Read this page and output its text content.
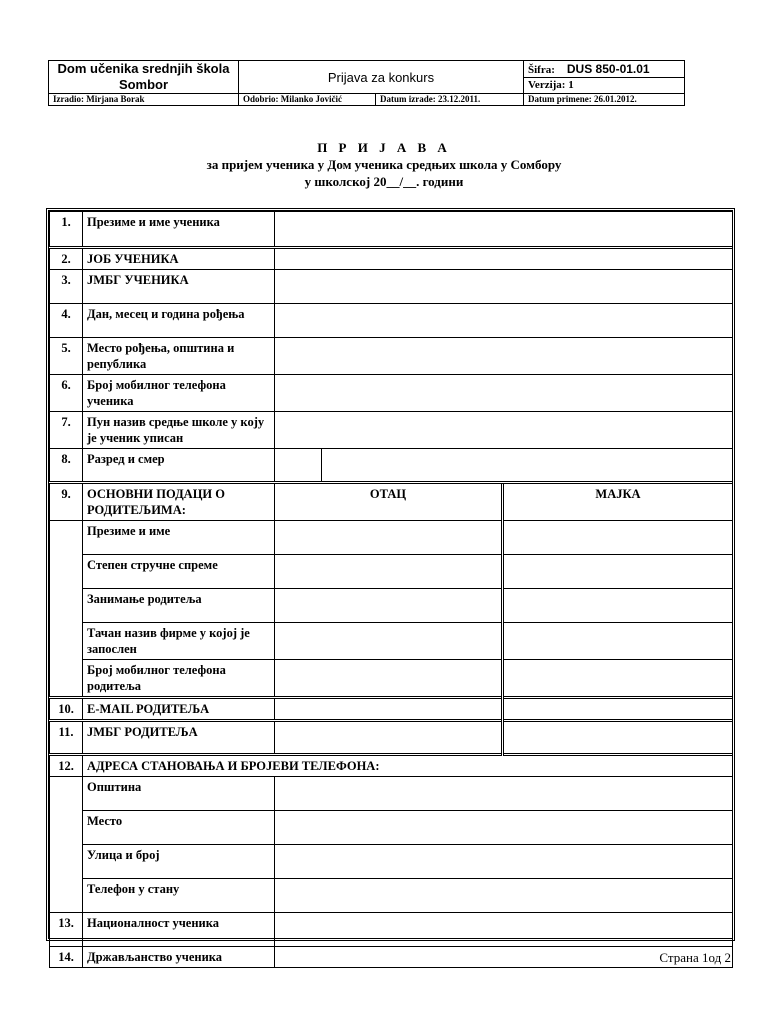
Dom učenika srednjih škola Sombor	Prijava za konkurs		Šifra: DUS 850-01.01
			Verzija: 1
Izradio: Mirjana Borak	Odobrio: Milanko Jovičić	Datum izrade: 23.12.2011.	Datum primene: 26.01.2012.
П Р И Ј А В А
за пријем ученика у Дом ученика средњих школа у Сомбору
у школској 20__/__. години
1.	Презиме и име ученика			
2.	ЈОБ УЧЕНИКА			
3.	ЈМБГ УЧЕНИКА			
4.	Дан, месец и година рођења			
5.	Место рођења, општина и република			
6.	Број мобилног телефона ученика			
7.	Пун назив средње школе у коју је ученик уписан			
8.	Разред и смер			
9.	ОСНОВНИ ПОДАЦИ О РОДИТЕЉИМА:	ОТАЦ		МАЈКА
	Презиме и име			
	Степен стручне спреме			
	Занимање родитеља			
	Тачан назив фирме у којој је запослен			
	Број мобилног телефона родитеља			
10.	E-MAIL РОДИТЕЉА			
11.	ЈМБГ РОДИТЕЉА			
12.	АДРЕСА СТАНОВАЊА И БРОЈЕВИ ТЕЛЕФОНА:			
	Општина			
	Место			
	Улица и број			
	Телефон у стану			
13.	Националност ученика			
14.	Држављанство ученика				Страна 1од 2
